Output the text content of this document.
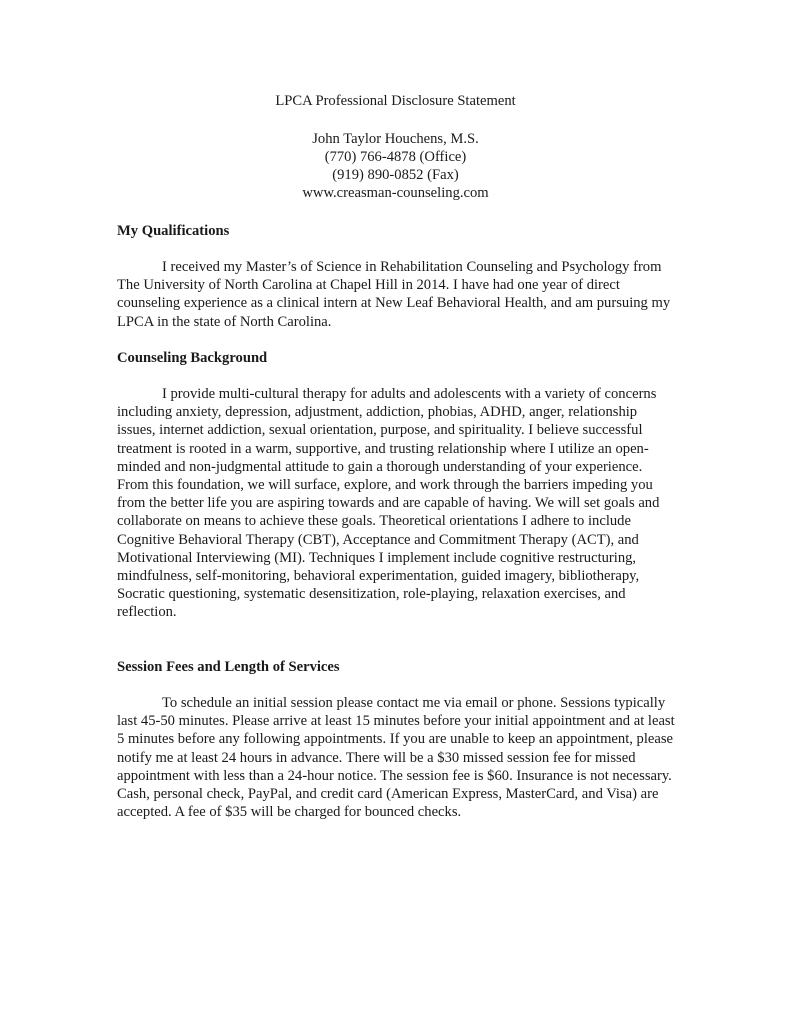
LPCA Professional Disclosure Statement

John Taylor Houchens, M.S.

(770) 766-4878 (Office)

(919) 890-0852 (Fax)

www.creasman-counseling.com

My Qualifications

I received my Master’s of Science in Rehabilitation Counseling and Psychology from The University of North Carolina at Chapel Hill in 2014. I have had one year of direct counseling experience as a clinical intern at New Leaf Behavioral Health, and am pursuing my LPCA in the state of North Carolina.

Counseling Background

I provide multi-cultural therapy for adults and adolescents with a variety of concerns including anxiety, depression, adjustment, addiction, phobias, ADHD, anger, relationship issues, internet addiction, sexual orientation, purpose, and spirituality. I believe successful treatment is rooted in a warm, supportive, and trusting relationship where I utilize an open-minded and non-judgmental attitude to gain a thorough understanding of your experience. From this foundation, we will surface, explore, and work through the barriers impeding you from the better life you are aspiring towards and are capable of having. We will set goals and collaborate on means to achieve these goals. Theoretical orientations I adhere to include Cognitive Behavioral Therapy (CBT), Acceptance and Commitment Therapy (ACT), and Motivational Interviewing (MI). Techniques I implement include cognitive restructuring, mindfulness, self-monitoring, behavioral experimentation, guided imagery, bibliotherapy, Socratic questioning, systematic desensitization, role-playing, relaxation exercises, and reflection.

Session Fees and Length of Services

To schedule an initial session please contact me via email or phone. Sessions typically last 45-50 minutes. Please arrive at least 15 minutes before your initial appointment and at least 5 minutes before any following appointments. If you are unable to keep an appointment, please notify me at least 24 hours in advance. There will be a $30 missed session fee for missed appointment with less than a 24-hour notice. The session fee is $60. Insurance is not necessary. Cash, personal check, PayPal, and credit card (American Express, MasterCard, and Visa) are accepted. A fee of $35 will be charged for bounced checks.
